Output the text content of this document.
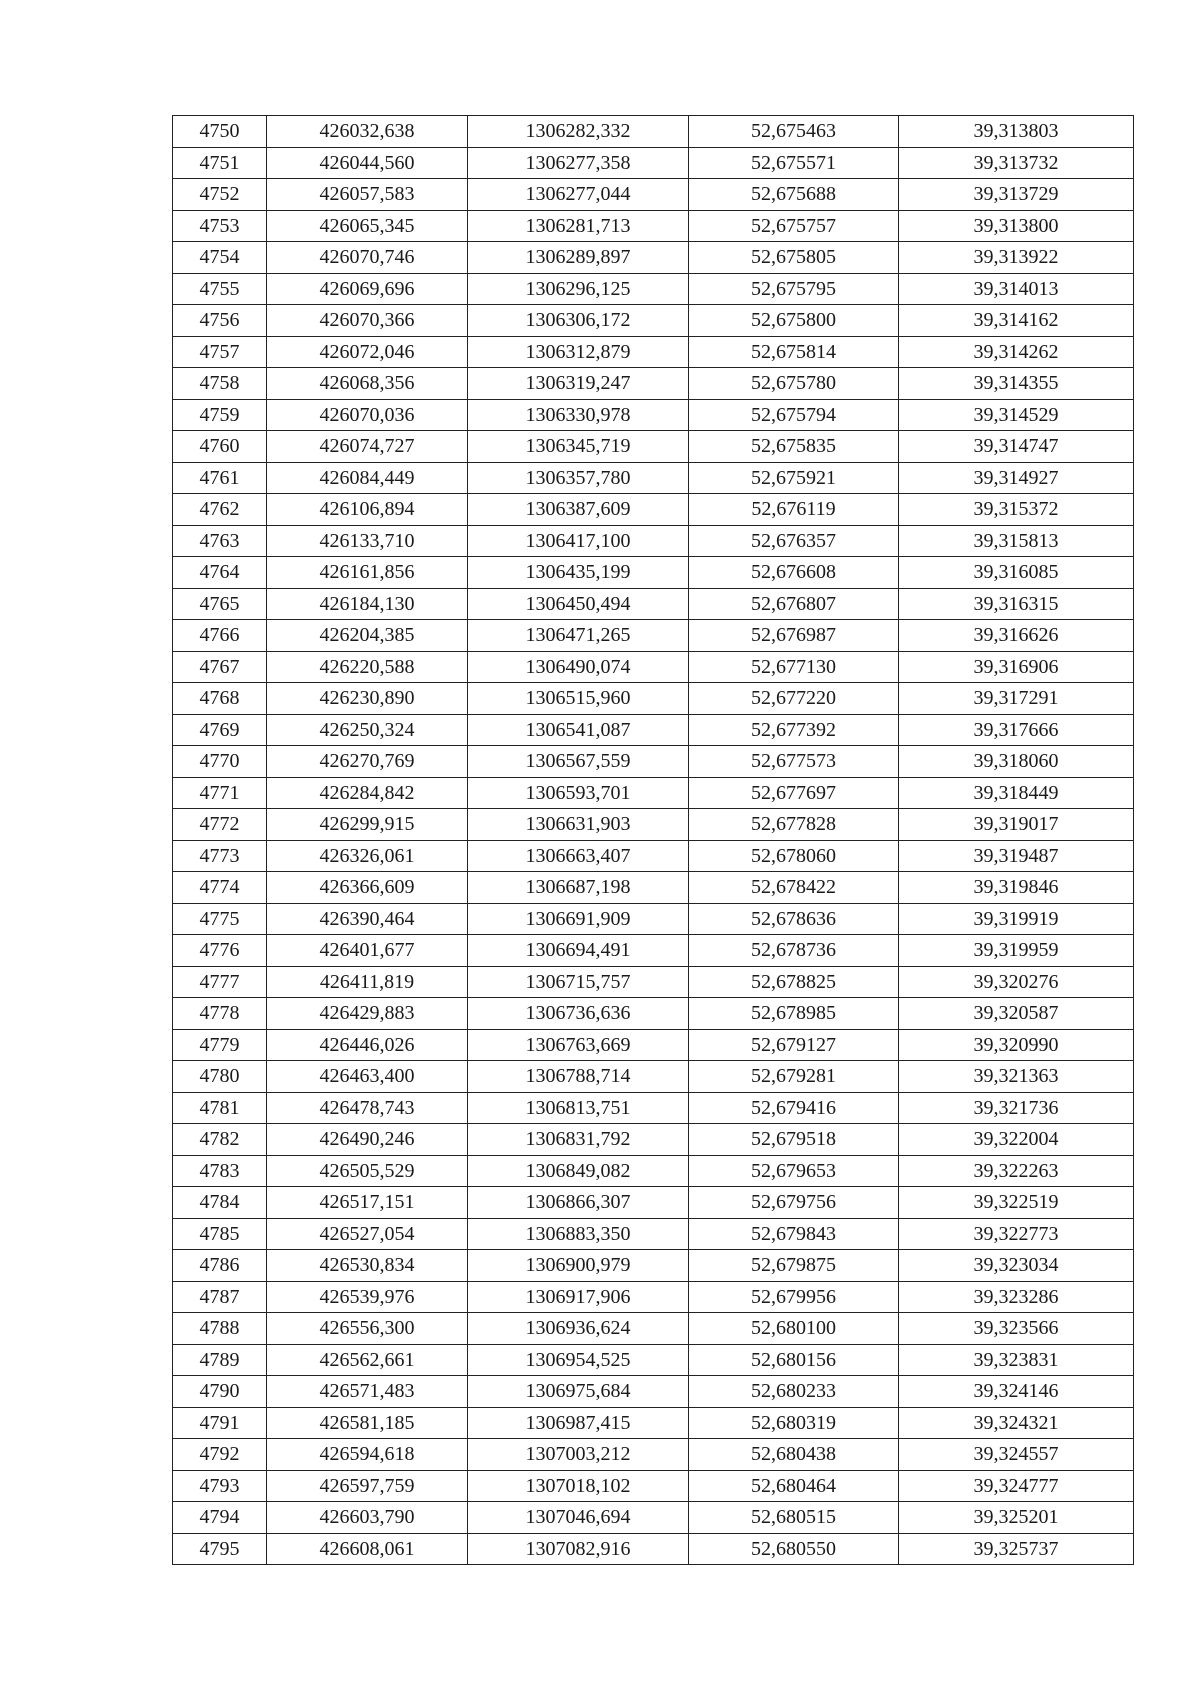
4750	426032,638	1306282,332	52,675463	39,313803
4751	426044,560	1306277,358	52,675571	39,313732
4752	426057,583	1306277,044	52,675688	39,313729
4753	426065,345	1306281,713	52,675757	39,313800
4754	426070,746	1306289,897	52,675805	39,313922
4755	426069,696	1306296,125	52,675795	39,314013
4756	426070,366	1306306,172	52,675800	39,314162
4757	426072,046	1306312,879	52,675814	39,314262
4758	426068,356	1306319,247	52,675780	39,314355
4759	426070,036	1306330,978	52,675794	39,314529
4760	426074,727	1306345,719	52,675835	39,314747
4761	426084,449	1306357,780	52,675921	39,314927
4762	426106,894	1306387,609	52,676119	39,315372
4763	426133,710	1306417,100	52,676357	39,315813
4764	426161,856	1306435,199	52,676608	39,316085
4765	426184,130	1306450,494	52,676807	39,316315
4766	426204,385	1306471,265	52,676987	39,316626
4767	426220,588	1306490,074	52,677130	39,316906
4768	426230,890	1306515,960	52,677220	39,317291
4769	426250,324	1306541,087	52,677392	39,317666
4770	426270,769	1306567,559	52,677573	39,318060
4771	426284,842	1306593,701	52,677697	39,318449
4772	426299,915	1306631,903	52,677828	39,319017
4773	426326,061	1306663,407	52,678060	39,319487
4774	426366,609	1306687,198	52,678422	39,319846
4775	426390,464	1306691,909	52,678636	39,319919
4776	426401,677	1306694,491	52,678736	39,319959
4777	426411,819	1306715,757	52,678825	39,320276
4778	426429,883	1306736,636	52,678985	39,320587
4779	426446,026	1306763,669	52,679127	39,320990
4780	426463,400	1306788,714	52,679281	39,321363
4781	426478,743	1306813,751	52,679416	39,321736
4782	426490,246	1306831,792	52,679518	39,322004
4783	426505,529	1306849,082	52,679653	39,322263
4784	426517,151	1306866,307	52,679756	39,322519
4785	426527,054	1306883,350	52,679843	39,322773
4786	426530,834	1306900,979	52,679875	39,323034
4787	426539,976	1306917,906	52,679956	39,323286
4788	426556,300	1306936,624	52,680100	39,323566
4789	426562,661	1306954,525	52,680156	39,323831
4790	426571,483	1306975,684	52,680233	39,324146
4791	426581,185	1306987,415	52,680319	39,324321
4792	426594,618	1307003,212	52,680438	39,324557
4793	426597,759	1307018,102	52,680464	39,324777
4794	426603,790	1307046,694	52,680515	39,325201
4795	426608,061	1307082,916	52,680550	39,325737
